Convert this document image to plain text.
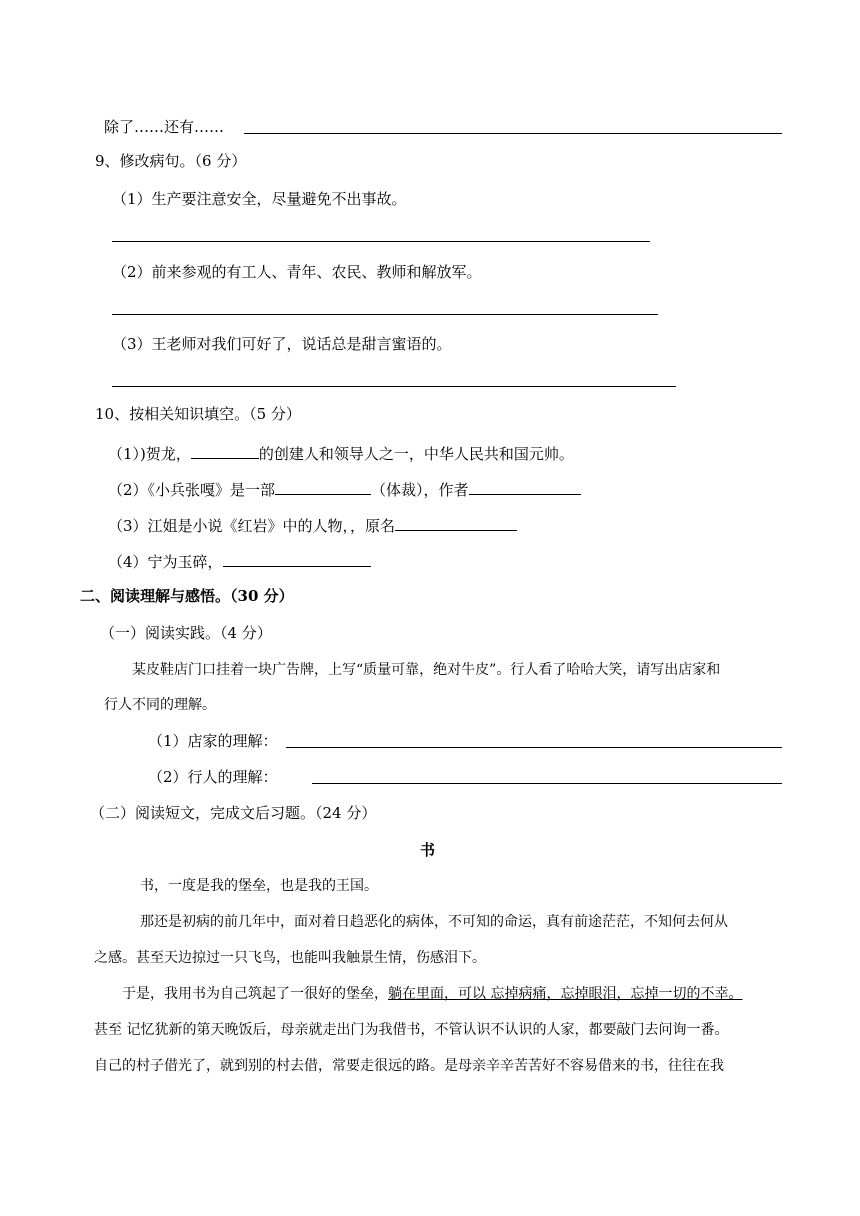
除了……还有……
9、修改病句。（6 分）
（1）生产要注意安全，尽量避免不出事故。
（2）前来参观的有工人、青年、农民、教师和解放军。
（3）王老师对我们可好了，说话总是甜言蜜语的。
10、按相关知识填空。（5 分）
（1）)贺龙，	的创建人和领导人之一，中华人民共和国元帅。
（2）《小兵张嘎》是一部	（体裁），作者
（3）江姐是小说《红岩》中的人物，，原名
（4）宁为玉碎，
二、阅读理解与感悟。（30 分）
（一）阅读实践。（4 分）
某皮鞋店门口挂着一块广告牌，上写“质量可靠，绝对牛皮”。行人看了哈哈大笑，请写出店家和
行人不同的理解。
（1）店家的理解：
（2）行人的理解：
（二）阅读短文，完成文后习题。（24 分）
书
书，一度是我的堡垒，也是我的王国。
那还是初病的前几年中，面对着日趋恶化的病体，不可知的命运，真有前途茫茫，不知何去何从
之感。甚至天边掠过一只飞鸟，也能叫我触景生情，伤感泪下。
于是，我用书为自己筑起了一很好的堡垒，躺在里面，可以 忘掉病痛，忘掉眼泪，忘掉一切的不幸。
甚至 记忆犹新的第天晚饭后，母亲就走出门为我借书，不管认识不认识的人家，都要敲门去问询一番。
自己的村子借光了，就到别的村去借，常要走很远的路。是母亲辛辛苦苦好不容易借来的书，往往在我
